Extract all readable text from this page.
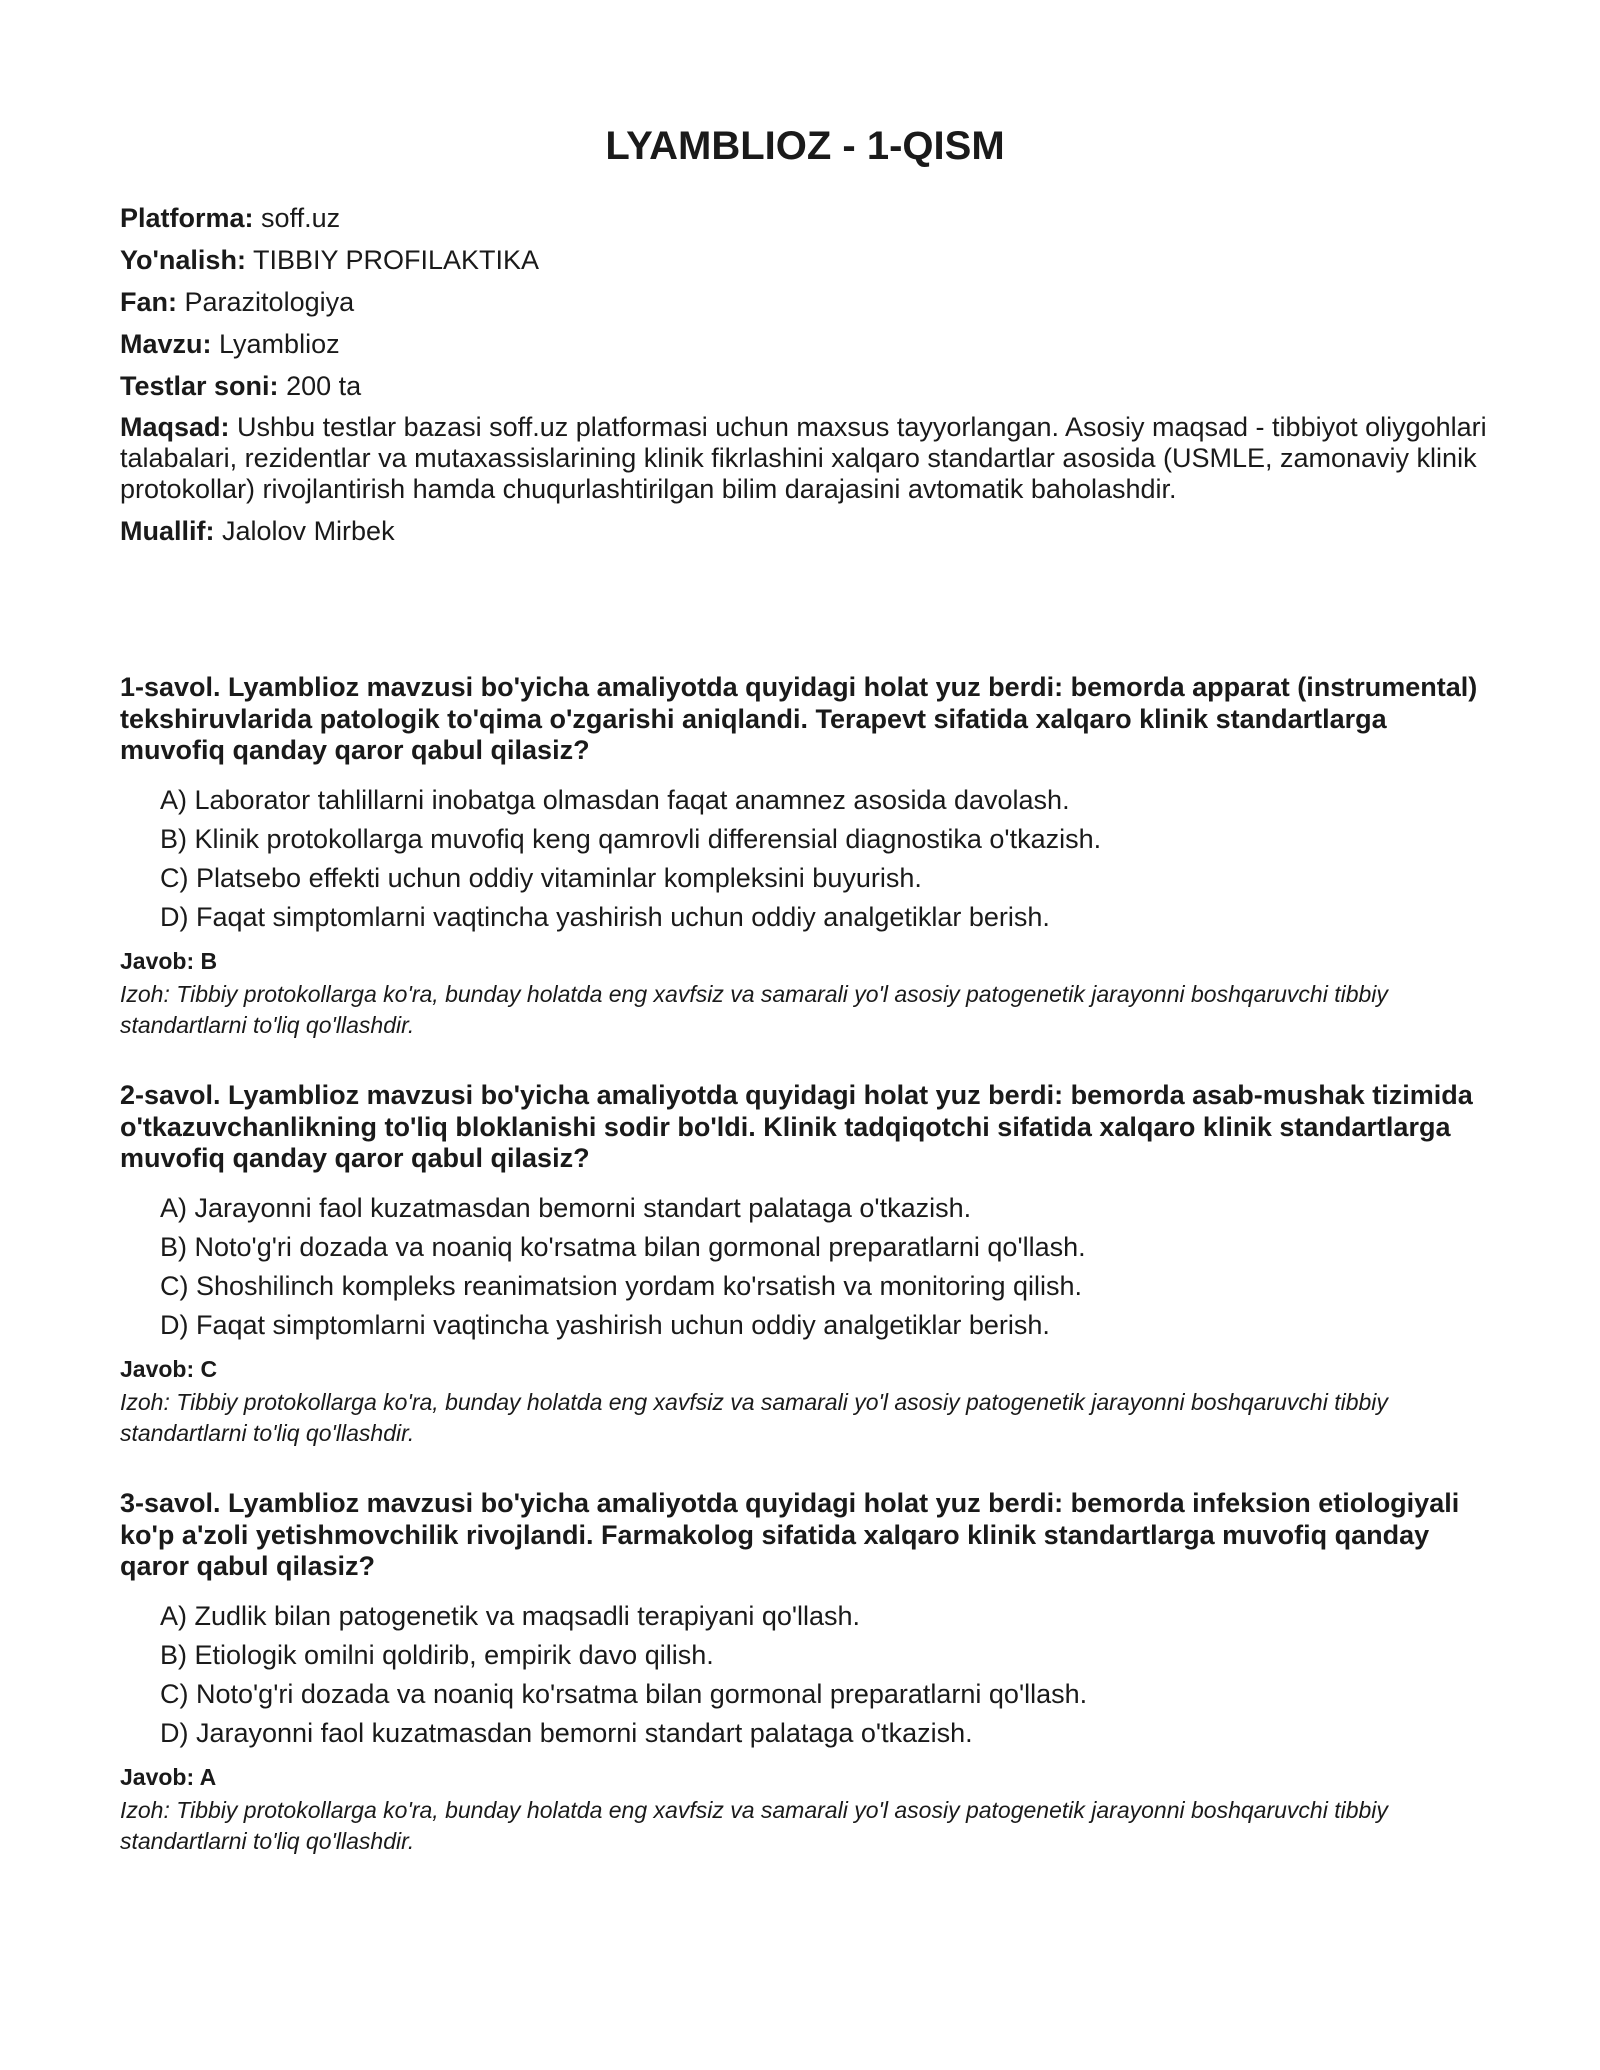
LYAMBLIOZ - 1-QISM
Platforma: soff.uz
Yo'nalish: TIBBIY PROFILAKTIKA
Fan: Parazitologiya
Mavzu: Lyamblioz
Testlar soni: 200 ta
Maqsad: Ushbu testlar bazasi soff.uz platformasi uchun maxsus tayyorlangan. Asosiy maqsad - tibbiyot oliygohlari talabalari, rezidentlar va mutaxassislarining klinik fikrlashini xalqaro standartlar asosida (USMLE, zamonaviy klinik protokollar) rivojlantirish hamda chuqurlashtirilgan bilim darajasini avtomatik baholashdir.
Muallif: Jalolov Mirbek
1-savol. Lyamblioz mavzusi bo'yicha amaliyotda quyidagi holat yuz berdi: bemorda apparat (instrumental) tekshiruvlarida patologik to'qima o'zgarishi aniqlandi. Terapevt sifatida xalqaro klinik standartlarga muvofiq qanday qaror qabul qilasiz?
A) Laborator tahlillarni inobatga olmasdan faqat anamnez asosida davolash.
B) Klinik protokollarga muvofiq keng qamrovli differensial diagnostika o'tkazish.
C) Platsebo effekti uchun oddiy vitaminlar kompleksini buyurish.
D) Faqat simptomlarni vaqtincha yashirish uchun oddiy analgetiklar berish.
Javob: B
Izoh: Tibbiy protokollarga ko'ra, bunday holatda eng xavfsiz va samarali yo'l asosiy patogenetik jarayonni boshqaruvchi tibbiy standartlarni to'liq qo'llashdir.
2-savol. Lyamblioz mavzusi bo'yicha amaliyotda quyidagi holat yuz berdi: bemorda asab-mushak tizimida o'tkazuvchanlikning to'liq bloklanishi sodir bo'ldi. Klinik tadqiqotchi sifatida xalqaro klinik standartlarga muvofiq qanday qaror qabul qilasiz?
A) Jarayonni faol kuzatmasdan bemorni standart palataga o'tkazish.
B) Noto'g'ri dozada va noaniq ko'rsatma bilan gormonal preparatlarni qo'llash.
C) Shoshilinch kompleks reanimatsion yordam ko'rsatish va monitoring qilish.
D) Faqat simptomlarni vaqtincha yashirish uchun oddiy analgetiklar berish.
Javob: C
Izoh: Tibbiy protokollarga ko'ra, bunday holatda eng xavfsiz va samarali yo'l asosiy patogenetik jarayonni boshqaruvchi tibbiy standartlarni to'liq qo'llashdir.
3-savol. Lyamblioz mavzusi bo'yicha amaliyotda quyidagi holat yuz berdi: bemorda infeksion etiologiyali ko'p a'zoli yetishmovchilik rivojlandi. Farmakolog sifatida xalqaro klinik standartlarga muvofiq qanday qaror qabul qilasiz?
A) Zudlik bilan patogenetik va maqsadli terapiyani qo'llash.
B) Etiologik omilni qoldirib, empirik davo qilish.
C) Noto'g'ri dozada va noaniq ko'rsatma bilan gormonal preparatlarni qo'llash.
D) Jarayonni faol kuzatmasdan bemorni standart palataga o'tkazish.
Javob: A
Izoh: Tibbiy protokollarga ko'ra, bunday holatda eng xavfsiz va samarali yo'l asosiy patogenetik jarayonni boshqaruvchi tibbiy standartlarni to'liq qo'llashdir.
